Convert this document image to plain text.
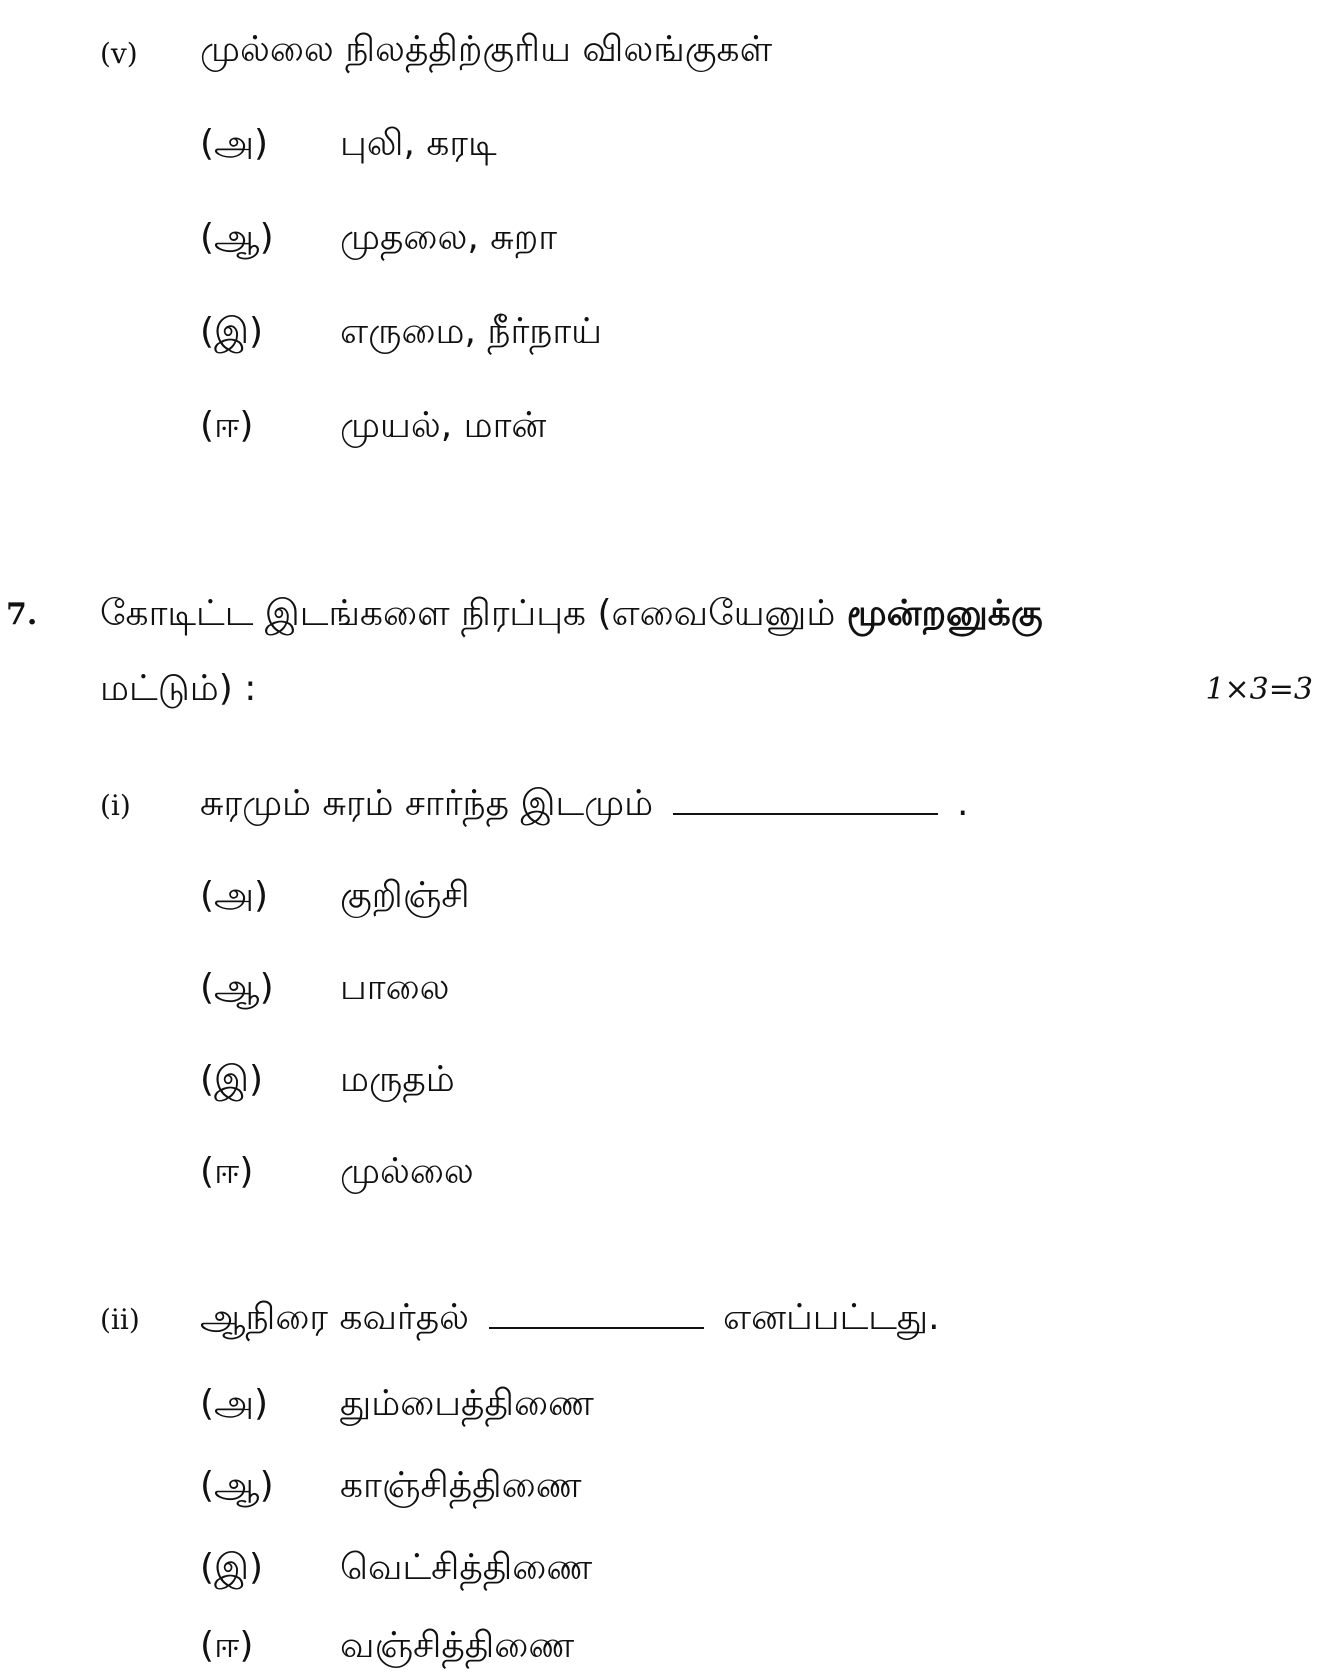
(v) முல்லை நிலத்திற்குரிய விலங்குகள்
(அ) புலி, கரடி
(ஆ) முதலை, சுறா
(இ) எருமை, நீர்நாய்
(ஈ) முயல், மான்
7. கோடிட்ட இடங்களை நிரப்புக (எவையேனும் மூன்றனுக்கு
மட்டும்) :	1×3=3
(i) சுரமும் சுரம் சார்ந்த இடமும்	.
(அ) குறிஞ்சி
(ஆ) பாலை
(இ) மருதம்
(ஈ) முல்லை
(ii) ஆநிரை கவர்தல்	எனப்பட்டது.
(அ) தும்பைத்திணை
(ஆ) காஞ்சித்திணை
(இ) வெட்சித்திணை
(ஈ) வஞ்சித்திணை
